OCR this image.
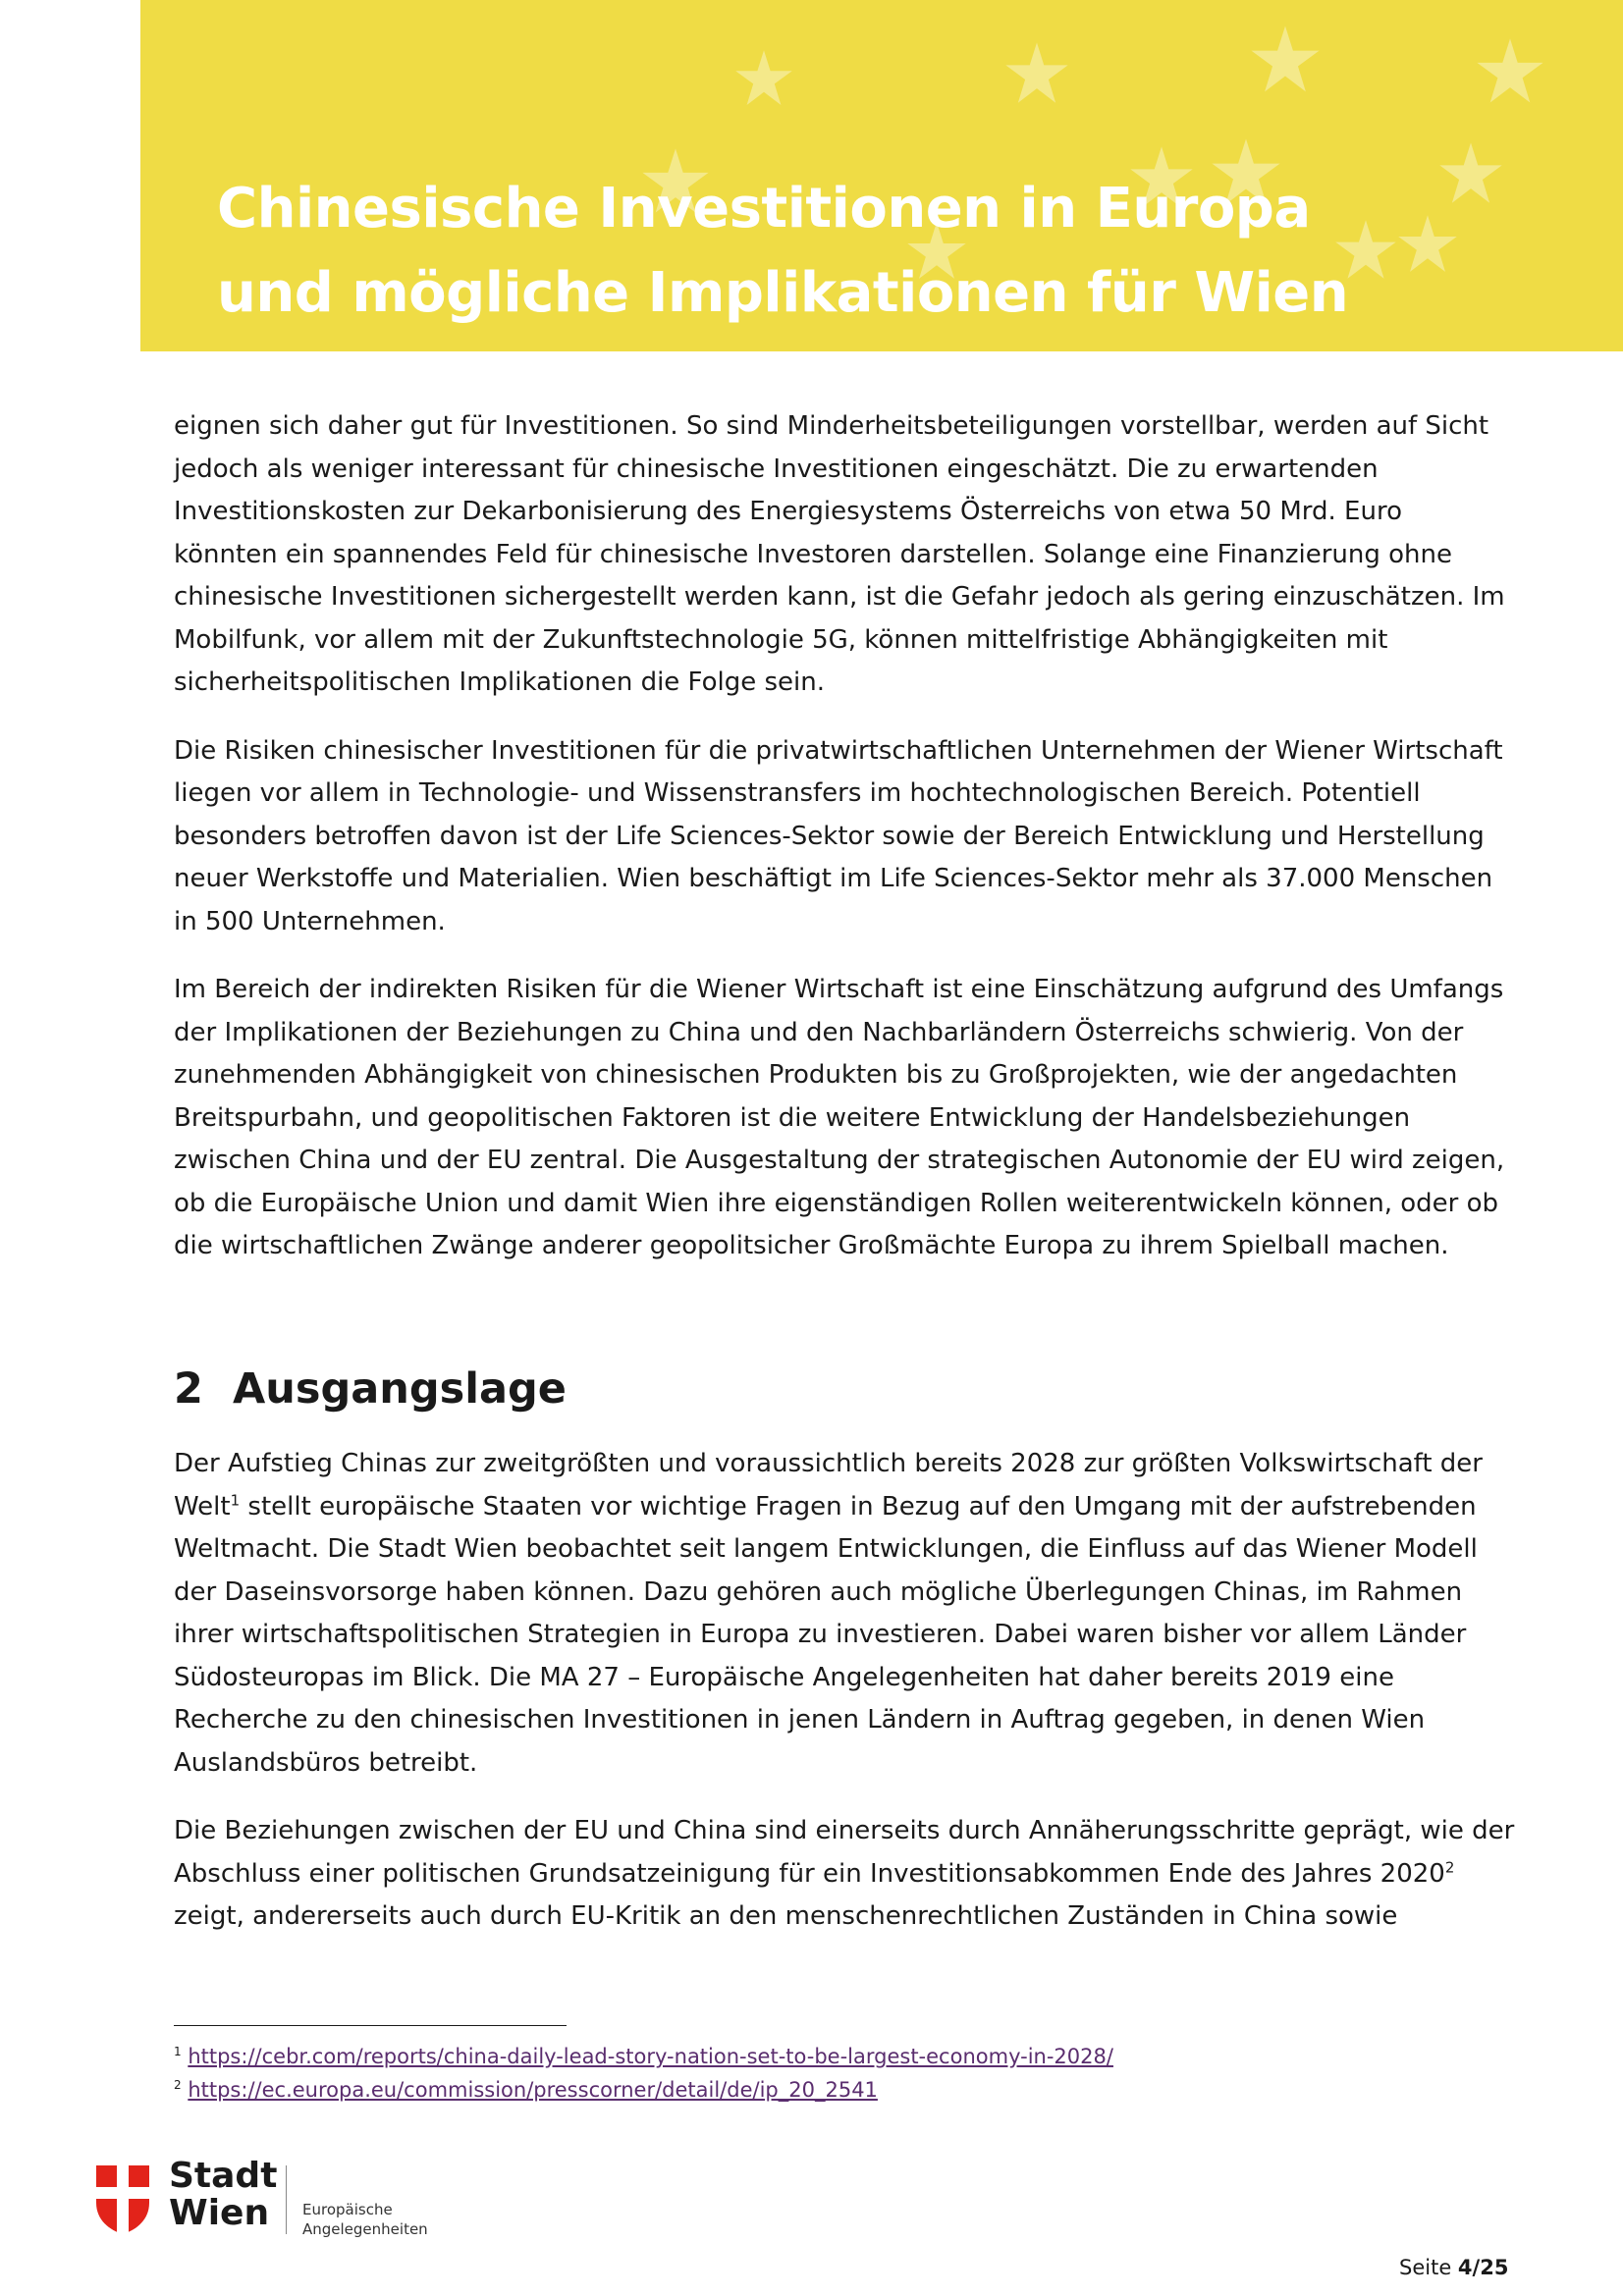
Chinesische Investitionen in Europa
und mögliche Implikationen für Wien

eignen sich daher gut für Investitionen. So sind Minderheitsbeteiligungen vorstellbar, werden auf Sicht
jedoch als weniger interessant für chinesische Investitionen eingeschätzt. Die zu erwartenden
Investitionskosten zur Dekarbonisierung des Energiesystems Österreichs von etwa 50 Mrd. Euro
könnten ein spannendes Feld für chinesische Investoren darstellen. Solange eine Finanzierung ohne
chinesische Investitionen sichergestellt werden kann, ist die Gefahr jedoch als gering einzuschätzen. Im
Mobilfunk, vor allem mit der Zukunftstechnologie 5G, können mittelfristige Abhängigkeiten mit
sicherheitspolitischen Implikationen die Folge sein.

Die Risiken chinesischer Investitionen für die privatwirtschaftlichen Unternehmen der Wiener Wirtschaft
liegen vor allem in Technologie- und Wissenstransfers im hochtechnologischen Bereich. Potentiell
besonders betroffen davon ist der Life Sciences-Sektor sowie der Bereich Entwicklung und Herstellung
neuer Werkstoffe und Materialien. Wien beschäftigt im Life Sciences-Sektor mehr als 37.000 Menschen
in 500 Unternehmen.

Im Bereich der indirekten Risiken für die Wiener Wirtschaft ist eine Einschätzung aufgrund des Umfangs
der Implikationen der Beziehungen zu China und den Nachbarländern Österreichs schwierig. Von der
zunehmenden Abhängigkeit von chinesischen Produkten bis zu Großprojekten, wie der angedachten
Breitspurbahn, und geopolitischen Faktoren ist die weitere Entwicklung der Handelsbeziehungen
zwischen China und der EU zentral. Die Ausgestaltung der strategischen Autonomie der EU wird zeigen,
ob die Europäische Union und damit Wien ihre eigenständigen Rollen weiterentwickeln können, oder ob
die wirtschaftlichen Zwänge anderer geopolitsicher Großmächte Europa zu ihrem Spielball machen.

2 Ausgangslage

Der Aufstieg Chinas zur zweitgrößten und voraussichtlich bereits 2028 zur größten Volkswirtschaft der
Welt$^1$ stellt europäische Staaten vor wichtige Fragen in Bezug auf den Umgang mit der aufstrebenden
Weltmacht. Die Stadt Wien beobachtet seit langem Entwicklungen, die Einfluss auf das Wiener Modell
der Daseinsvorsorge haben können. Dazu gehören auch mögliche Überlegungen Chinas, im Rahmen
ihrer wirtschaftspolitischen Strategien in Europa zu investieren. Dabei waren bisher vor allem Länder
Südosteuropas im Blick. Die MA 27 – Europäische Angelegenheiten hat daher bereits 2019 eine
Recherche zu den chinesischen Investitionen in jenen Ländern in Auftrag gegeben, in denen Wien
Auslandsbüros betreibt.

Die Beziehungen zwischen der EU und China sind einerseits durch Annäherungsschritte geprägt, wie der
Abschluss einer politischen Grundsatzeinigung für ein Investitionsabkommen Ende des Jahres 2020$^2$
zeigt, andererseits auch durch EU-Kritik an den menschenrechtlichen Zuständen in China sowie

$^1$ https://cebr.com/reports/china-daily-lead-story-nation-set-to-be-largest-economy-in-2028/
$^2$ https://ec.europa.eu/commission/presscorner/detail/de/ip_20_2541
Stadt
Wien	Europäische
Angelegenheiten
Seite 4/25
